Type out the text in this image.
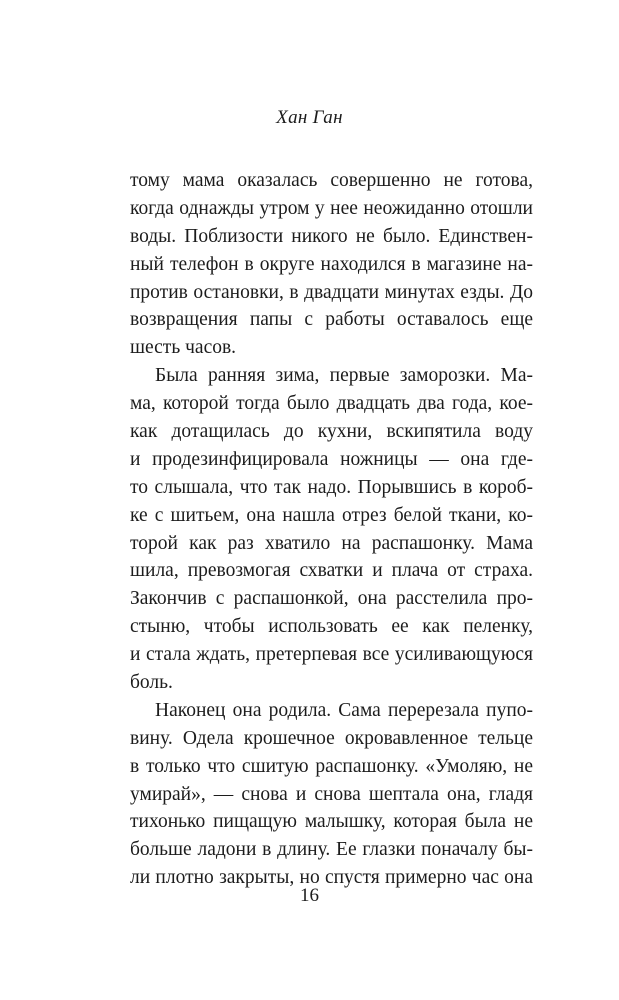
Хан Ган
тому мама оказалась совершенно не готова,
когда однажды утром у нее неожиданно отошли
воды. Поблизости никого не было. Единствен-
ный телефон в округе находился в магазине на-
против остановки, в двадцати минутах езды. До
возвращения папы с работы оставалось еще
шесть часов.
Была ранняя зима, первые заморозки. Ма-
ма, которой тогда было двадцать два года, кое-
как дотащилась до кухни, вскипятила воду
и продезинфицировала ножницы — она где-
то слышала, что так надо. Порывшись в короб-
ке с шитьем, она нашла отрез белой ткани, ко-
торой как раз хватило на распашонку. Мама
шила, превозмогая схватки и плача от страха.
Закончив с распашонкой, она расстелила про-
стыню, чтобы использовать ее как пеленку,
и стала ждать, претерпевая все усиливающуюся
боль.
Наконец она родила. Сама перерезала пупо-
вину. Одела крошечное окровавленное тельце
в только что сшитую распашонку. «Умоляю, не
умирай», — снова и снова шептала она, гладя
тихонько пищащую малышку, которая была не
больше ладони в длину. Ее глазки поначалу бы-
ли плотно закрыты, но спустя примерно час она
16
